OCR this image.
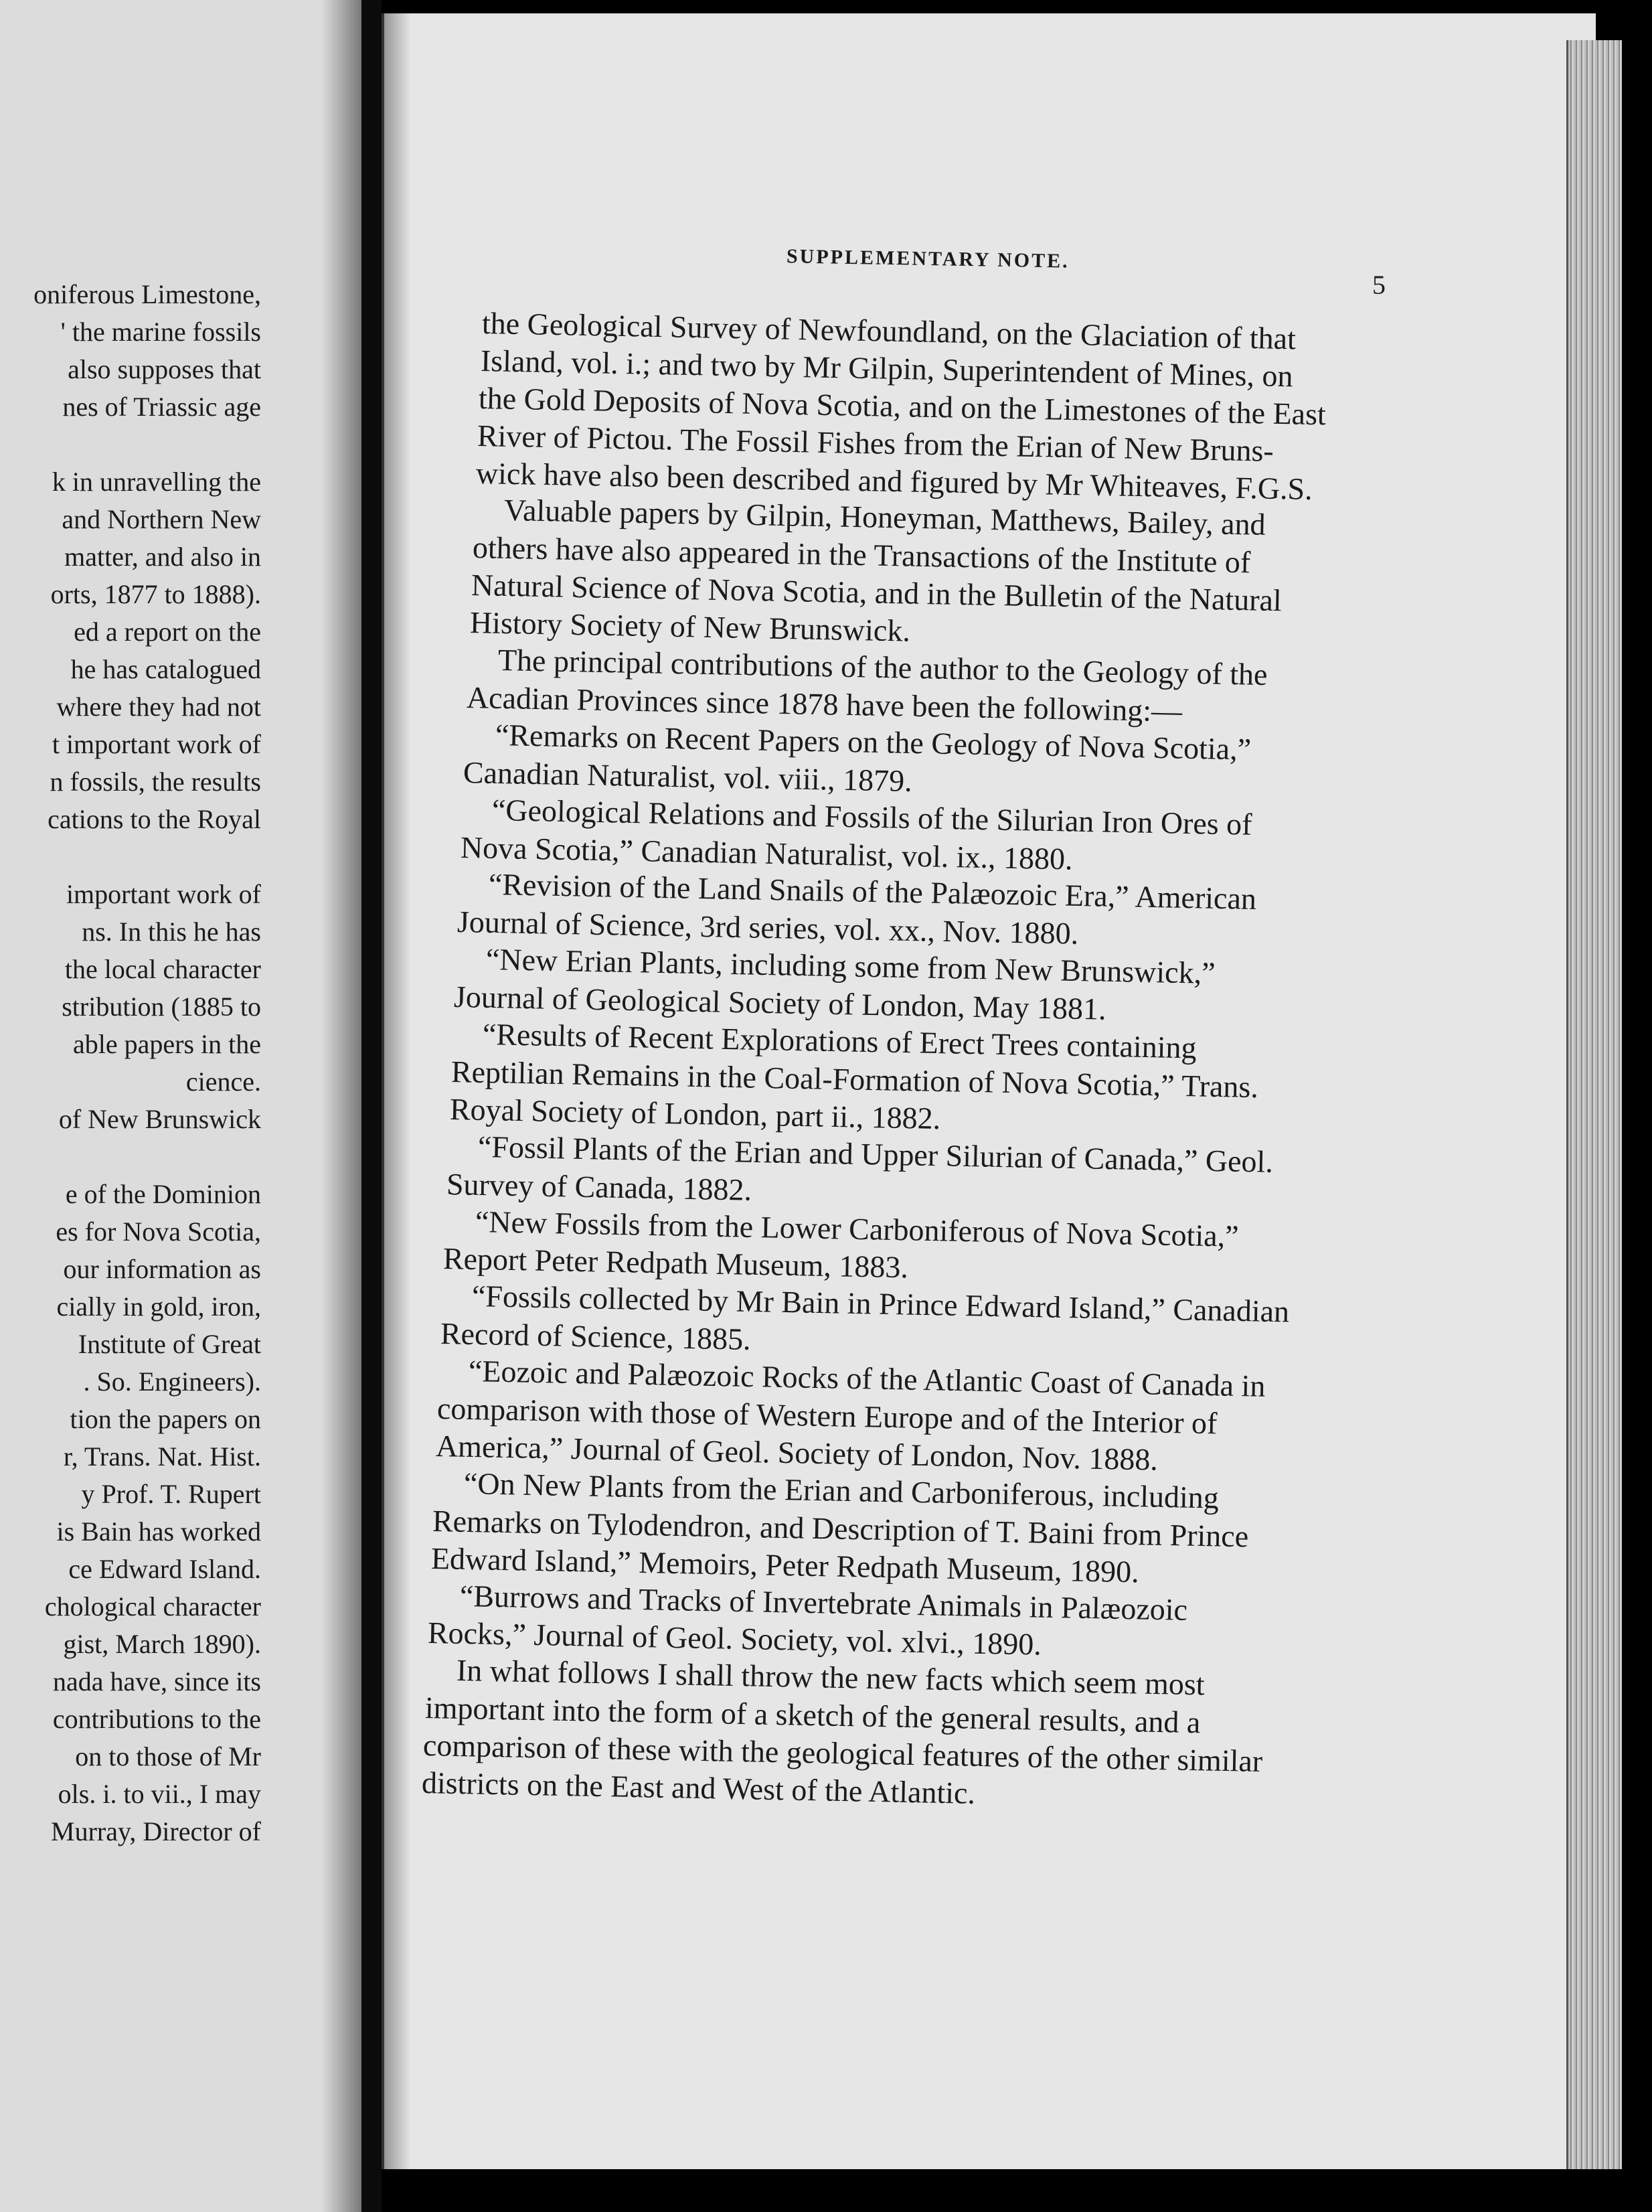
oniferous Limestone,
' the marine fossils
also supposes that
nes of Triassic age
k in unravelling the
and Northern New
matter, and also in
orts, 1877 to 1888).
ed a report on the
he has catalogued
where they had not
t important work of
n fossils, the results
cations to the Royal
important work of
ns. In this he has
the local character
stribution (1885 to
able papers in the
cience.
of New Brunswick
e of the Dominion
es for Nova Scotia,
our information as
cially in gold, iron,
Institute of Great
. So. Engineers).
tion the papers on
r, Trans. Nat. Hist.
y Prof. T. Rupert
is Bain has worked
ce Edward Island.
chological character
gist, March 1890).
nada have, since its
contributions to the
on to those of Mr
ols. i. to vii., I may
Murray, Director of
SUPPLEMENTARY NOTE.
5
the Geological Survey of Newfoundland, on the Glaciation of that
Island, vol. i.; and two by Mr Gilpin, Superintendent of Mines, on
the Gold Deposits of Nova Scotia, and on the Limestones of the East
River of Pictou. The Fossil Fishes from the Erian of New Bruns-
wick have also been described and figured by Mr Whiteaves, F.G.S.
Valuable papers by Gilpin, Honeyman, Matthews, Bailey, and
others have also appeared in the Transactions of the Institute of
Natural Science of Nova Scotia, and in the Bulletin of the Natural
History Society of New Brunswick.
The principal contributions of the author to the Geology of the
Acadian Provinces since 1878 have been the following:—
“Remarks on Recent Papers on the Geology of Nova Scotia,”
Canadian Naturalist, vol. viii., 1879.
“Geological Relations and Fossils of the Silurian Iron Ores of
Nova Scotia,” Canadian Naturalist, vol. ix., 1880.
“Revision of the Land Snails of the Palæozoic Era,” American
Journal of Science, 3rd series, vol. xx., Nov. 1880.
“New Erian Plants, including some from New Brunswick,”
Journal of Geological Society of London, May 1881.
“Results of Recent Explorations of Erect Trees containing
Reptilian Remains in the Coal-Formation of Nova Scotia,” Trans.
Royal Society of London, part ii., 1882.
“Fossil Plants of the Erian and Upper Silurian of Canada,” Geol.
Survey of Canada, 1882.
“New Fossils from the Lower Carboniferous of Nova Scotia,”
Report Peter Redpath Museum, 1883.
“Fossils collected by Mr Bain in Prince Edward Island,” Canadian
Record of Science, 1885.
“Eozoic and Palæozoic Rocks of the Atlantic Coast of Canada in
comparison with those of Western Europe and of the Interior of
America,” Journal of Geol. Society of London, Nov. 1888.
“On New Plants from the Erian and Carboniferous, including
Remarks on Tylodendron, and Description of T. Baini from Prince
Edward Island,” Memoirs, Peter Redpath Museum, 1890.
“Burrows and Tracks of Invertebrate Animals in Palæozoic
Rocks,” Journal of Geol. Society, vol. xlvi., 1890.
In what follows I shall throw the new facts which seem most
important into the form of a sketch of the general results, and a
comparison of these with the geological features of the other similar
districts on the East and West of the Atlantic.
